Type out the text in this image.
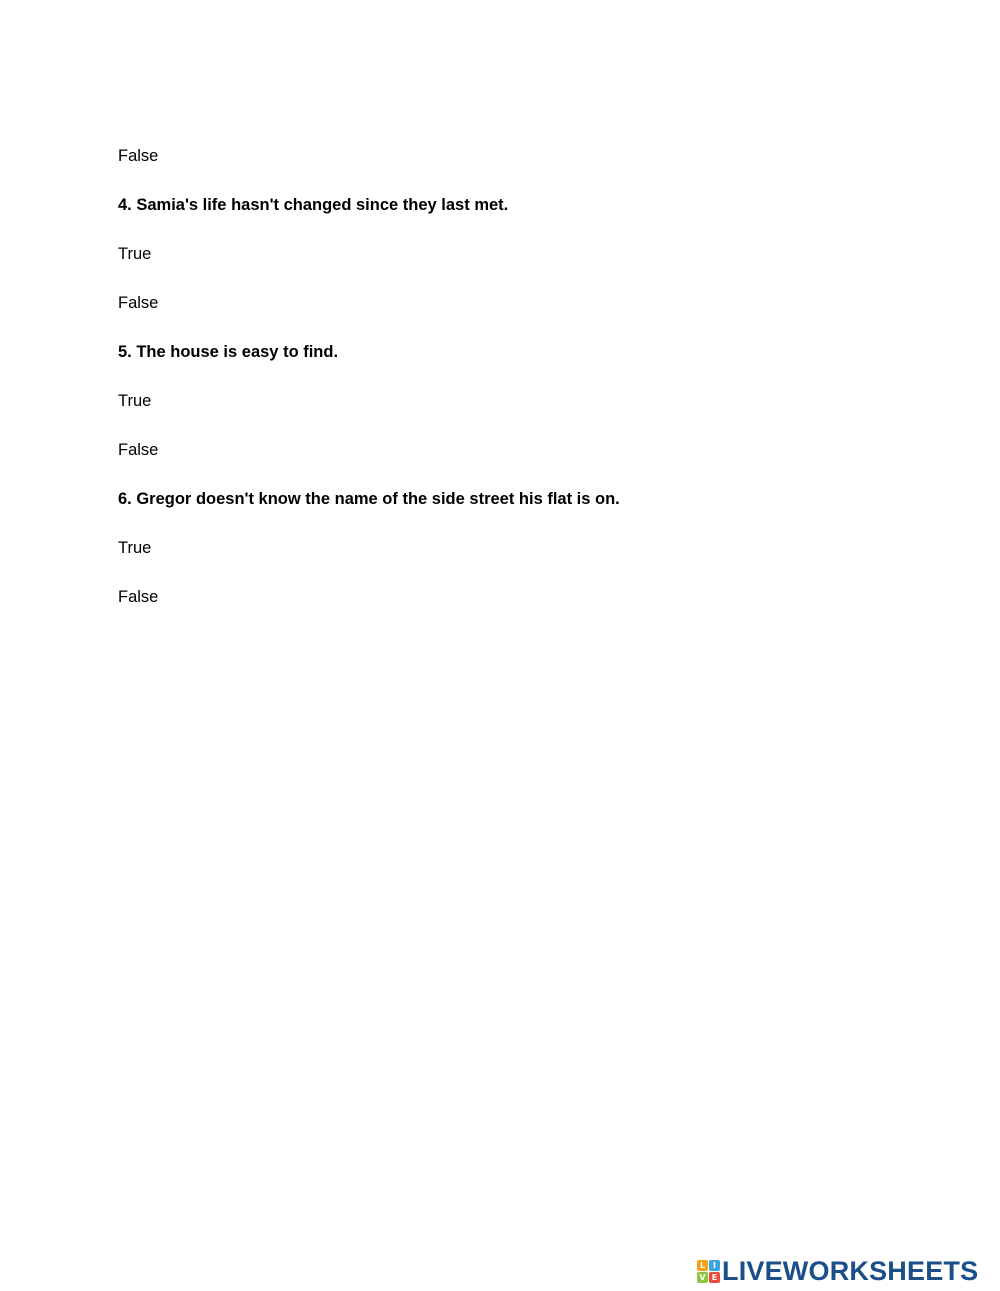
False
4. Samia's life hasn't changed since they last met.
True
False
5. The house is easy to find.
True
False
6. Gregor doesn't know the name of the side street his flat is on.
True
False
L I
V E LIVEWORKSHEETS
